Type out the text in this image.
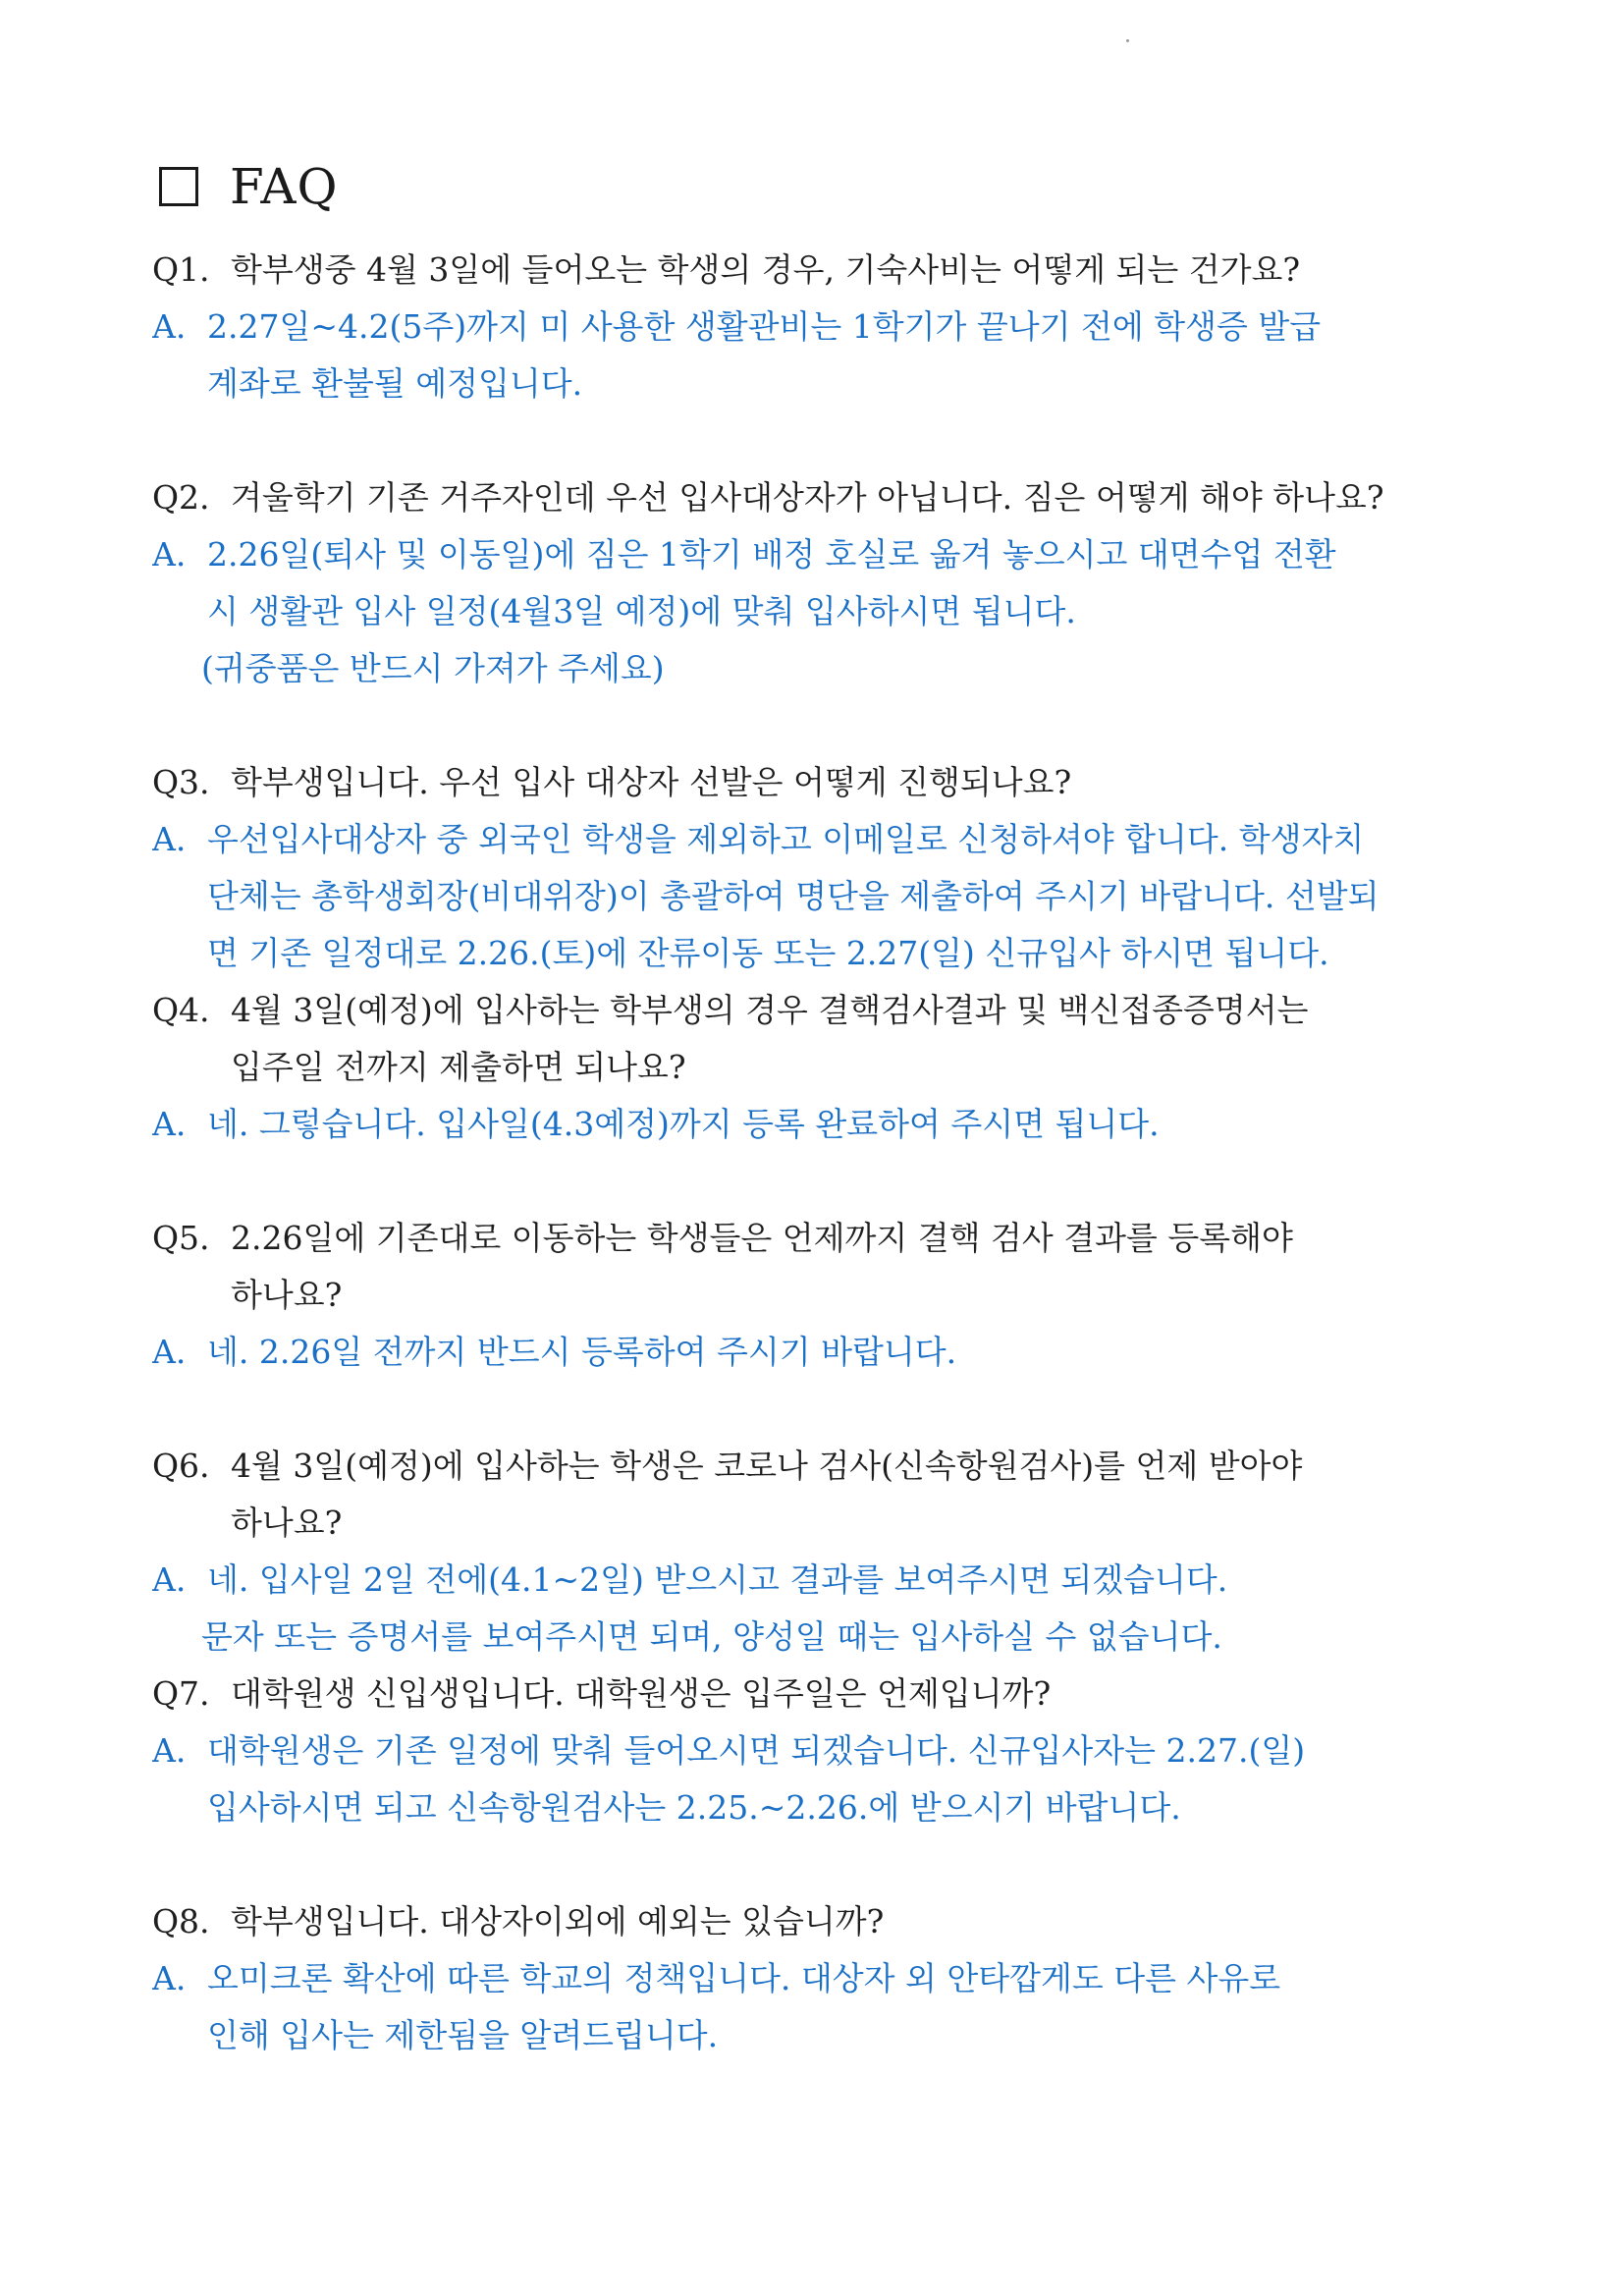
FAQ
Q1. 학부생중 4월 3일에 들어오는 학생의 경우, 기숙사비는 어떻게 되는 건가요?
A. 2.27일~4.2(5주)까지 미 사용한 생활관비는 1학기가 끝나기 전에 학생증 발급
계좌로 환불될 예정입니다.
Q2. 겨울학기 기존 거주자인데 우선 입사대상자가 아닙니다. 짐은 어떻게 해야 하나요?
A. 2.26일(퇴사 및 이동일)에 짐은 1학기 배정 호실로 옮겨 놓으시고 대면수업 전환
시 생활관 입사 일정(4월3일 예정)에 맞춰 입사하시면 됩니다.
(귀중품은 반드시 가져가 주세요)
Q3. 학부생입니다. 우선 입사 대상자 선발은 어떻게 진행되나요?
A. 우선입사대상자 중 외국인 학생을 제외하고 이메일로 신청하셔야 합니다. 학생자치
단체는 총학생회장(비대위장)이 총괄하여 명단을 제출하여 주시기 바랍니다. 선발되
면 기존 일정대로 2.26.(토)에 잔류이동 또는 2.27(일) 신규입사 하시면 됩니다.
Q4. 4월 3일(예정)에 입사하는 학부생의 경우 결핵검사결과 및 백신접종증명서는
입주일 전까지 제출하면 되나요?
A. 네. 그렇습니다. 입사일(4.3예정)까지 등록 완료하여 주시면 됩니다.
Q5. 2.26일에 기존대로 이동하는 학생들은 언제까지 결핵 검사 결과를 등록해야
하나요?
A. 네. 2.26일 전까지 반드시 등록하여 주시기 바랍니다.
Q6. 4월 3일(예정)에 입사하는 학생은 코로나 검사(신속항원검사)를 언제 받아야
하나요?
A. 네. 입사일 2일 전에(4.1~2일) 받으시고 결과를 보여주시면 되겠습니다.
문자 또는 증명서를 보여주시면 되며, 양성일 때는 입사하실 수 없습니다.
Q7. 대학원생 신입생입니다. 대학원생은 입주일은 언제입니까?
A. 대학원생은 기존 일정에 맞춰 들어오시면 되겠습니다. 신규입사자는 2.27.(일)
입사하시면 되고 신속항원검사는 2.25.~2.26.에 받으시기 바랍니다.
Q8. 학부생입니다. 대상자이외에 예외는 있습니까?
A. 오미크론 확산에 따른 학교의 정책입니다. 대상자 외 안타깝게도 다른 사유로
인해 입사는 제한됨을 알려드립니다.
